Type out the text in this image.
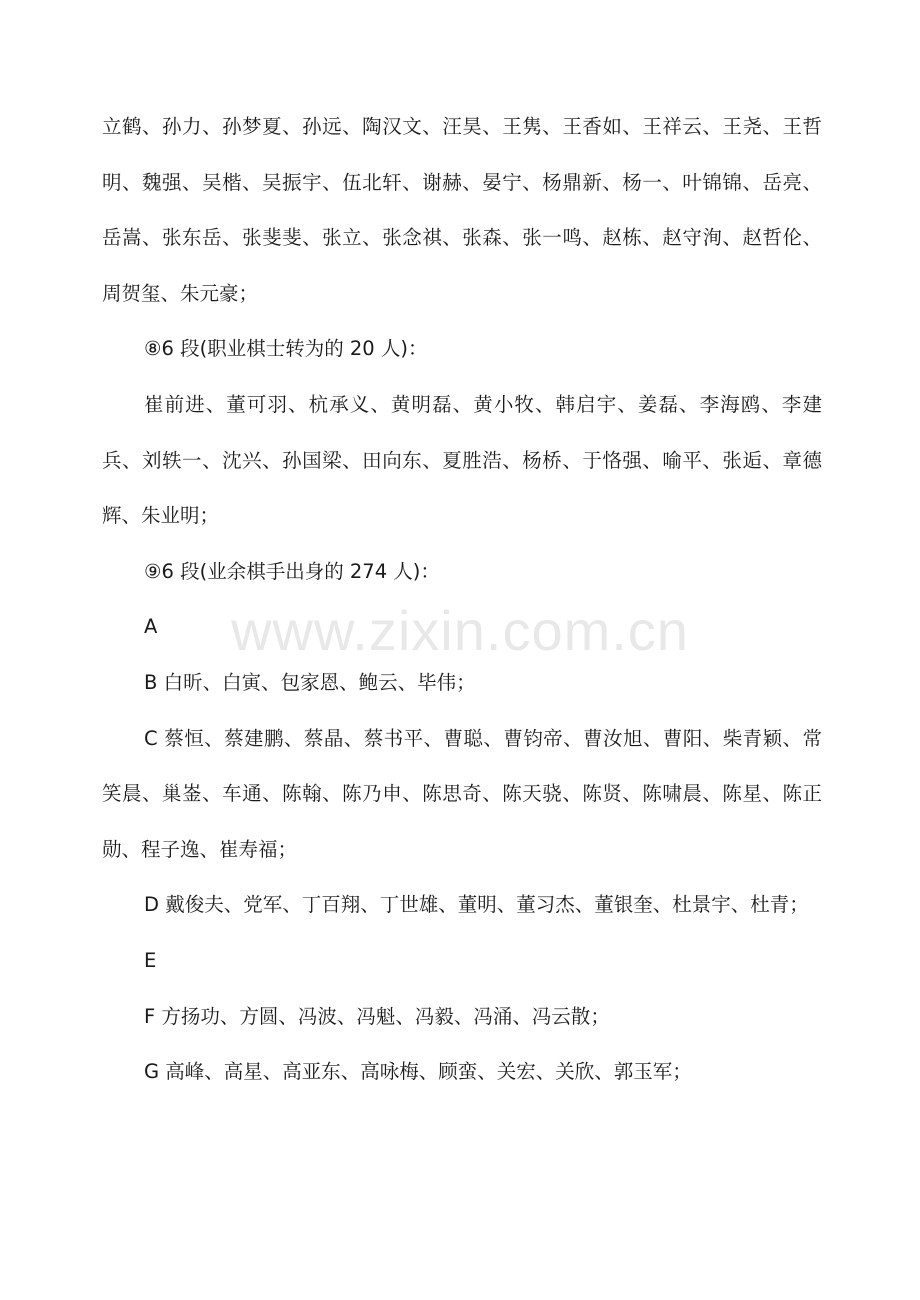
立鹤、孙力、孙梦夏、孙远、陶汉文、汪昊、王隽、王香如、王祥云、王尧、王哲明、魏强、吴楷、吴振宇、伍北轩、谢赫、晏宁、杨鼎新、杨一、叶锦锦、岳亮、岳嵩、张东岳、张斐斐、张立、张念祺、张森、张一鸣、赵栋、赵守洵、赵哲伦、周贺玺、朱元豪；

⑧6 段(职业棋士转为的 20 人)：

崔前进、董可羽、杭承义、黄明磊、黄小牧、韩启宇、姜磊、李海鸥、李建兵、刘轶一、沈兴、孙国梁、田向东、夏胜浩、杨桥、于恪强、喻平、张逅、章德辉、朱业明；

⑨6 段(业余棋手出身的 274 人)：

A

B 白昕、白寅、包家恩、鲍云、毕伟；

C 蔡恒、蔡建鹏、蔡晶、蔡书平、曹聪、曹钧帝、曹汝旭、曹阳、柴青颖、常笑晨、巢崟、车通、陈翰、陈乃申、陈思奇、陈天骁、陈贤、陈啸晨、陈星、陈正勋、程子逸、崔寿福；

D 戴俊夫、党军、丁百翔、丁世雄、董明、董习杰、董银奎、杜景宇、杜青；

E

F 方扬功、方圆、冯波、冯魁、冯毅、冯涌、冯云散；

G 高峰、高星、高亚东、高咏梅、顾蛮、关宏、关欣、郭玉军；

www.zixin.com.cn
